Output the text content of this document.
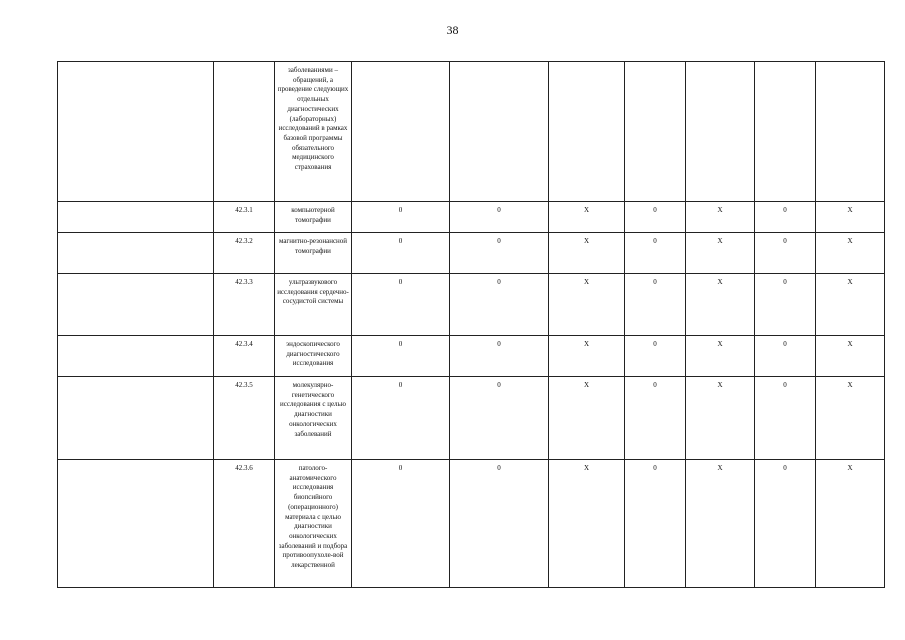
38
		заболеваниями – обращений, а проведение следующих отдельных диагностических (лабораторных) исследований в рамках базовой программы обязательного медицинского страхования							
	42.3.1	компьютерной томографии	0	0	X	0	X	0	X
	42.3.2	магнитно-резонансной томографии	0	0	X	0	X	0	X
	42.3.3	ультразвукового исследования сердечно-сосудистой системы	0	0	X	0	X	0	X
	42.3.4	эндоскопического диагностического исследования	0	0	X	0	X	0	X
	42.3.5	молекулярно-генетического исследования с целью диагностики онкологических заболеваний	0	0	X	0	X	0	X
	42.3.6	патолого-анатомического исследования биопсийного (операционного) материала с целью диагностики онкологических заболеваний и подбора противоопухоле-вой лекарственной	0	0	X	0	X	0	X
